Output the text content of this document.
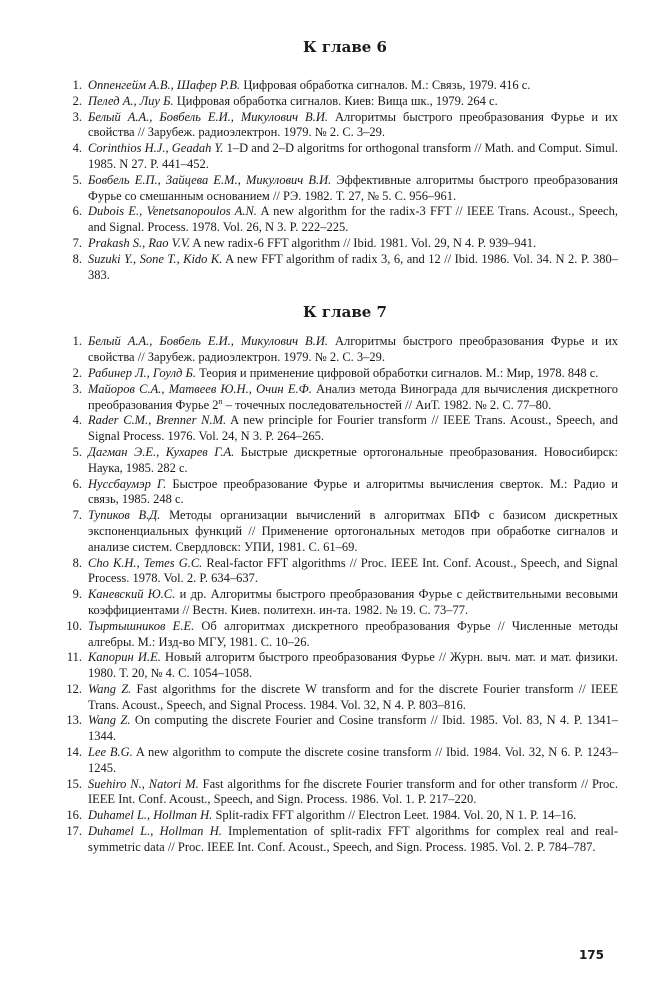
К главе 6
1. Оппенгейм А.В., Шафер Р.В. Цифровая обработка сигналов. М.: Связь, 1979. 416 с.
2. Пелед А., Лиу Б. Цифровая обработка сигналов. Киев: Вища шк., 1979. 264 с.
3. Белый А.А., Бовбель Е.И., Микулович В.И. Алгоритмы быстрого преобразования Фурье и их свойства // Зарубеж. радиоэлектрон. 1979. № 2. С. 3–29.
4. Corinthios H.J., Geadah Y. 1–D and 2–D algoritms for orthogonal transform // Math. and Comput. Simul. 1985. N 27. P. 441–452.
5. Бовбель Е.П., Зайцева Е.М., Микулович В.И. Эффективные алгоритмы быстрого преобразования Фурье со смешанным основанием // РЭ. 1982. Т. 27, № 5. С. 956–961.
6. Dubois E., Venetsanopoulos A.N. A new algorithm for the radix-3 FFT // IEEE Trans. Acoust., Speech, and Signal. Process. 1978. Vol. 26, N 3. P. 222–225.
7. Prakash S., Rao V.V. A new radix-6 FFT algorithm // Ibid. 1981. Vol. 29, N 4. P. 939–941.
8. Suzuki Y., Sone T., Kido K. A new FFT algorithm of radix 3, 6, and 12 // Ibid. 1986. Vol. 34. N 2. P. 380–383.
К главе 7
1. Белый А.А., Бовбель Е.И., Микулович В.И. Алгоритмы быстрого преобразования Фурье и их свойства // Зарубеж. радиоэлектрон. 1979. № 2. С. 3–29.
2. Рабинер Л., Гоулд Б. Теория и применение цифровой обработки сигналов. М.: Мир, 1978. 848 с.
3. Майоров С.А., Матвеев Ю.Н., Очин Е.Ф. Анализ метода Винограда для вычисления дискретного преобразования Фурье 2$^n$ – точечных последовательностей // АиТ. 1982. № 2. С. 77–80.
4. Rader C.M., Brenner N.M. A new principle for Fourier transform // IEEE Trans. Acoust., Speech, and Signal Process. 1976. Vol. 24, N 3. P. 264–265.
5. Дагман Э.Е., Кухарев Г.А. Быстрые дискретные ортогональные преобразования. Новосибирск: Наука, 1985. 282 с.
6. Нуссбаумэр Г. Быстрое преобразование Фурье и алгоритмы вычисления сверток. М.: Радио и связь, 1985. 248 с.
7. Тупиков В.Д. Методы организации вычислений в алгоритмах БПФ с базисом дискретных экспоненциальных функций // Применение ортогональных методов при обработке сигналов и анализе систем. Свердловск: УПИ, 1981. С. 61–69.
8. Cho K.H., Temes G.C. Real-factor FFT algorithms // Proc. IEEE Int. Conf. Acoust., Speech, and Signal Process. 1978. Vol. 2. P. 634–637.
9. Каневский Ю.С. и др. Алгоритмы быстрого преобразования Фурье с действительными весовыми коэффициентами // Вестн. Киев. политехн. ин-та. 1982. № 19. С. 73–77.
10. Тыртышников Е.Е. Об алгоритмах дискретного преобразования Фурье // Численные методы алгебры. М.: Изд-во МГУ, 1981. С. 10–26.
11. Капорин И.Е. Новый алгоритм быстрого преобразования Фурье // Журн. выч. мат. и мат. физики. 1980. Т. 20, № 4. С. 1054–1058.
12. Wang Z. Fast algorithms for the discrete W transform and for the discrete Fourier transform // IEEE Trans. Acoust., Speech, and Signal Process. 1984. Vol. 32, N 4. P. 803–816.
13. Wang Z. On computing the discrete Fourier and Cosine transform // Ibid. 1985. Vol. 83, N 4. P. 1341–1344.
14. Lee B.G. A new algorithm to compute the discrete cosine transform // Ibid. 1984. Vol. 32, N 6. P. 1243–1245.
15. Suehiro N., Natori M. Fast algorithms for fhe discrete Fourier transform and for other transform // Proc. IEEE Int. Conf. Acoust., Speech, and Sign. Process. 1986. Vol. 1. P. 217–220.
16. Duhamel L., Hollman H. Split-radix FFT algorithm // Electron Leet. 1984. Vol. 20, N 1. P. 14–16.
17. Duhamel L., Hollman H. Implementation of split-radix FFT algorithms for complex real and real-symmetric data // Proc. IEEE Int. Conf. Acoust., Speech, and Sign. Process. 1985. Vol. 2. P. 784–787.
175
